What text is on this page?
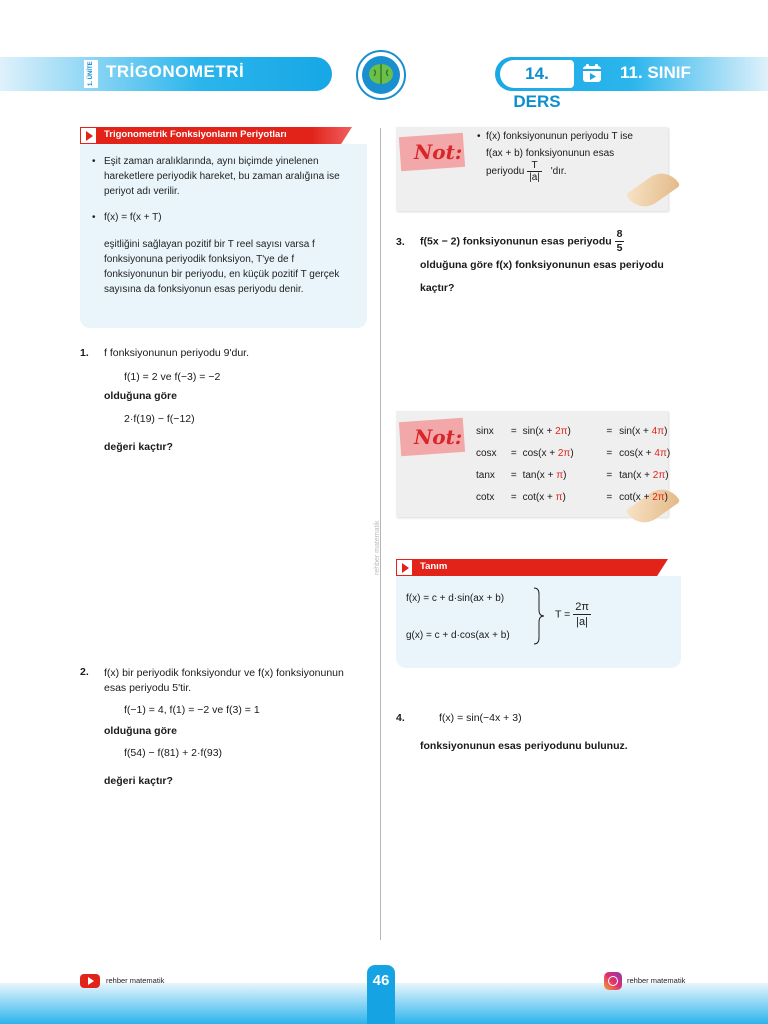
1. ÜNİTE TRİGONOMETRİ	14. DERS
11. SINIF
Trigonometrik Fonksiyonların Periyotları
• Eşit zaman aralıklarında, aynı biçimde yinelenen hareketlere periyodik hareket, bu zaman aralığına ise periyot adı verilir.
• f(x) = f(x + T)
eşitliğini sağlayan pozitif bir T reel sayısı varsa f fonksiyonuna periyodik fonksiyon, T'ye de f fonksiyonunun bir periyodu, en küçük pozitif T gerçek sayısına da fonksiyonun esas periyodu denir.
1. f fonksiyonunun periyodu 9'dur.
f(1) = 2 ve f(−3) = −2
olduğuna göre
2·f(19) − f(−12)
değeri kaçtır?
2. f(x) bir periyodik fonksiyondur ve f(x) fonksiyonunun esas periyodu 5'tir.
f(−1) = 4, f(1) = −2 ve f(3) = 1
olduğuna göre
f(54) − f(81) + 2·f(93)
değeri kaçtır?
rehber matematik
Not:
• f(x) fonksiyonunun periyodu T ise
f(ax + b) fonksiyonunun esas
periyodu $\frac{T}{|a|}$ 'dır.
3. f(5x − 2) fonksiyonunun esas periyodu $\frac{8}{5}$
olduğuna göre f(x) fonksiyonunun esas periyodu
kaçtır?
Not: sinx = sin(x + 2π)	= sin(x + 4π)
cosx = cos(x + 2π)	= cos(x + 4π)
tanx = tan(x + π)	= tan(x + 2π)
cotx = cot(x + π)	= cot(x + 2π)
Tanım
f(x) = c + d·sin(ax + b)
g(x) = c + d·cos(ax + b)
$T = \frac{2\pi}{|a|}$
4.	f(x) = sin(−4x + 3)
fonksiyonunun esas periyodunu bulunuz.
rehber matematik	46	rehber matematik
